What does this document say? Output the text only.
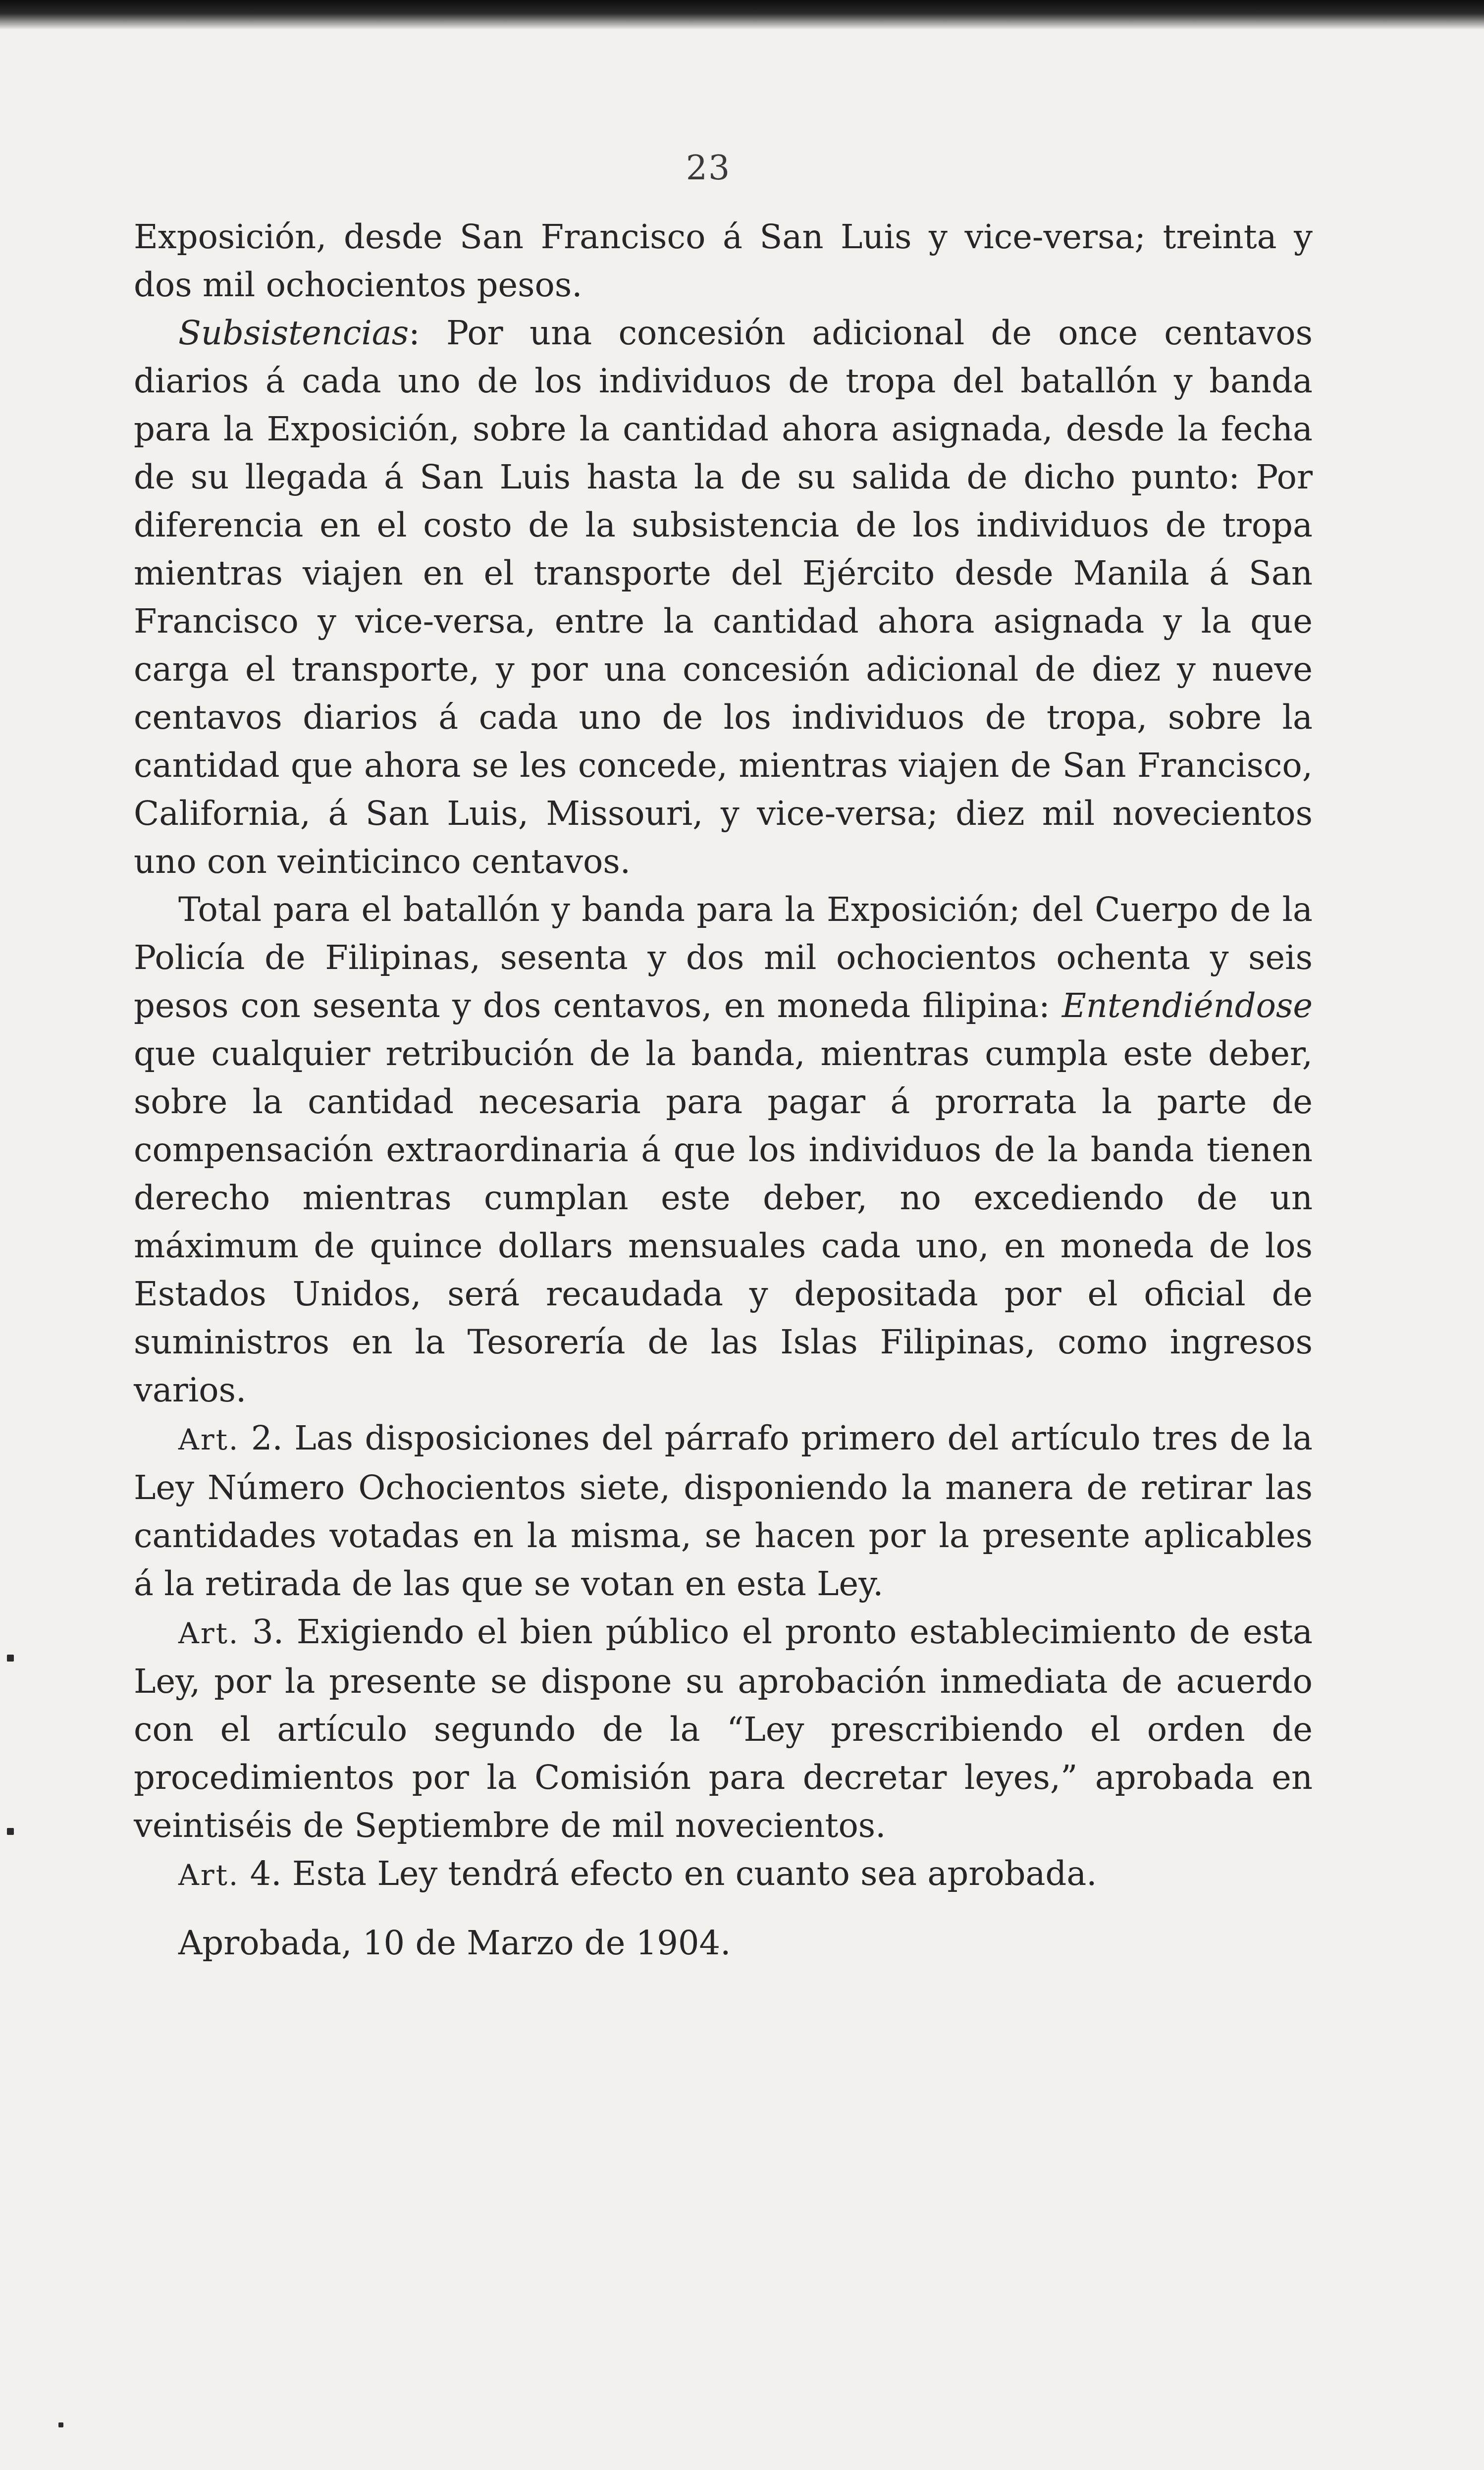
23

Exposición, desde San Francisco á San Luis y vice-versa; treinta y dos mil ochocientos pesos.

Subsistencias: Por una concesión adicional de once centavos diarios á cada uno de los individuos de tropa del batallón y banda para la Exposición, sobre la cantidad ahora asignada, desde la fecha de su llegada á San Luis hasta la de su salida de dicho punto: Por diferencia en el costo de la subsistencia de los individuos de tropa mientras viajen en el transporte del Ejército desde Manila á San Francisco y vice-versa, entre la cantidad ahora asignada y la que carga el transporte, y por una concesión adicional de diez y nueve centavos diarios á cada uno de los individuos de tropa, sobre la cantidad que ahora se les concede, mientras viajen de San Francisco, California, á San Luis, Missouri, y vice-versa; diez mil novecientos uno con veinticinco centavos.

Total para el batallón y banda para la Exposición; del Cuerpo de la Policía de Filipinas, sesenta y dos mil ochocientos ochenta y seis pesos con sesenta y dos centavos, en moneda filipina: Entendiéndose que cualquier retribución de la banda, mientras cumpla este deber, sobre la cantidad necesaria para pagar á prorrata la parte de compensación extraordinaria á que los individuos de la banda tienen derecho mientras cumplan este deber, no excediendo de un máximum de quince dollars mensuales cada uno, en moneda de los Estados Unidos, será recaudada y depositada por el oficial de suministros en la Tesorería de las Islas Filipinas, como ingresos varios.

Art. 2. Las disposiciones del párrafo primero del artículo tres de la Ley Número Ochocientos siete, disponiendo la manera de retirar las cantidades votadas en la misma, se hacen por la presente aplicables á la retirada de las que se votan en esta Ley.

Art. 3. Exigiendo el bien público el pronto establecimiento de esta Ley, por la presente se dispone su aprobación inmediata de acuerdo con el artículo segundo de la “Ley prescribiendo el orden de procedimientos por la Comisión para decretar leyes,” aprobada en veintiséis de Septiembre de mil novecientos.

Art. 4. Esta Ley tendrá efecto en cuanto sea aprobada.

Aprobada, 10 de Marzo de 1904.
